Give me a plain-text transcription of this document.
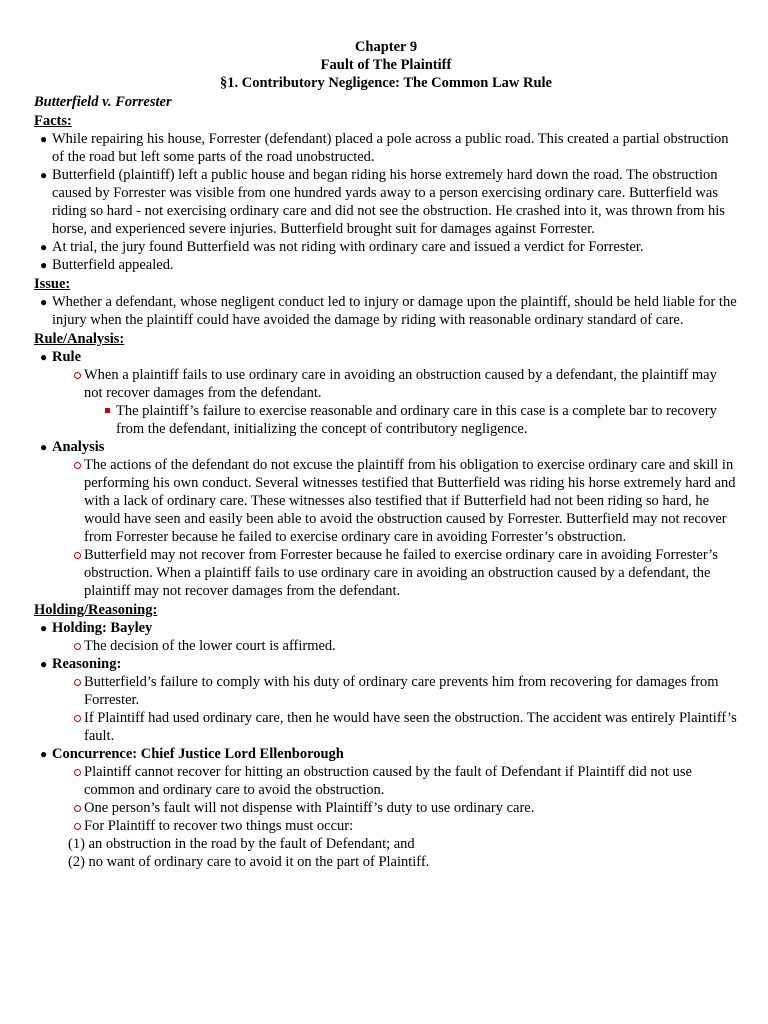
Chapter 9
Fault of The Plaintiff
§1. Contributory Negligence: The Common Law Rule
Butterfield v. Forrester
Facts:
● While repairing his house, Forrester (defendant) placed a pole across a public road. This created a partial obstruction of the road but left some parts of the road unobstructed.
● Butterfield (plaintiff) left a public house and began riding his horse extremely hard down the road. The obstruction caused by Forrester was visible from one hundred yards away to a person exercising ordinary care. Butterfield was riding so hard - not exercising ordinary care and did not see the obstruction. He crashed into it, was thrown from his horse, and experienced severe injuries. Butterfield brought suit for damages against Forrester.
● At trial, the jury found Butterfield was not riding with ordinary care and issued a verdict for Forrester.
● Butterfield appealed.
Issue:
● Whether a defendant, whose negligent conduct led to injury or damage upon the plaintiff, should be held liable for the injury when the plaintiff could have avoided the damage by riding with reasonable ordinary standard of care.
Rule/Analysis:
● Rule
When a plaintiff fails to use ordinary care in avoiding an obstruction caused by a defendant, the plaintiff may not recover damages from the defendant.
The plaintiff’s failure to exercise reasonable and ordinary care in this case is a complete bar to recovery from the defendant, initializing the concept of contributory negligence.
● Analysis
The actions of the defendant do not excuse the plaintiff from his obligation to exercise ordinary care and skill in performing his own conduct. Several witnesses testified that Butterfield was riding his horse extremely hard and with a lack of ordinary care. These witnesses also testified that if Butterfield had not been riding so hard, he would have seen and easily been able to avoid the obstruction caused by Forrester. Butterfield may not recover from Forrester because he failed to exercise ordinary care in avoiding Forrester’s obstruction.
Butterfield may not recover from Forrester because he failed to exercise ordinary care in avoiding Forrester’s obstruction. When a plaintiff fails to use ordinary care in avoiding an obstruction caused by a defendant, the plaintiff may not recover damages from the defendant.
Holding/Reasoning:
● Holding: Bayley
The decision of the lower court is affirmed.
● Reasoning:
Butterfield’s failure to comply with his duty of ordinary care prevents him from recovering for damages from Forrester.
If Plaintiff had used ordinary care, then he would have seen the obstruction. The accident was entirely Plaintiff’s fault.
● Concurrence: Chief Justice Lord Ellenborough
Plaintiff cannot recover for hitting an obstruction caused by the fault of Defendant if Plaintiff did not use common and ordinary care to avoid the obstruction.
One person’s fault will not dispense with Plaintiff’s duty to use ordinary care.
For Plaintiff to recover two things must occur:
(1) an obstruction in the road by the fault of Defendant; and
(2) no want of ordinary care to avoid it on the part of Plaintiff.
